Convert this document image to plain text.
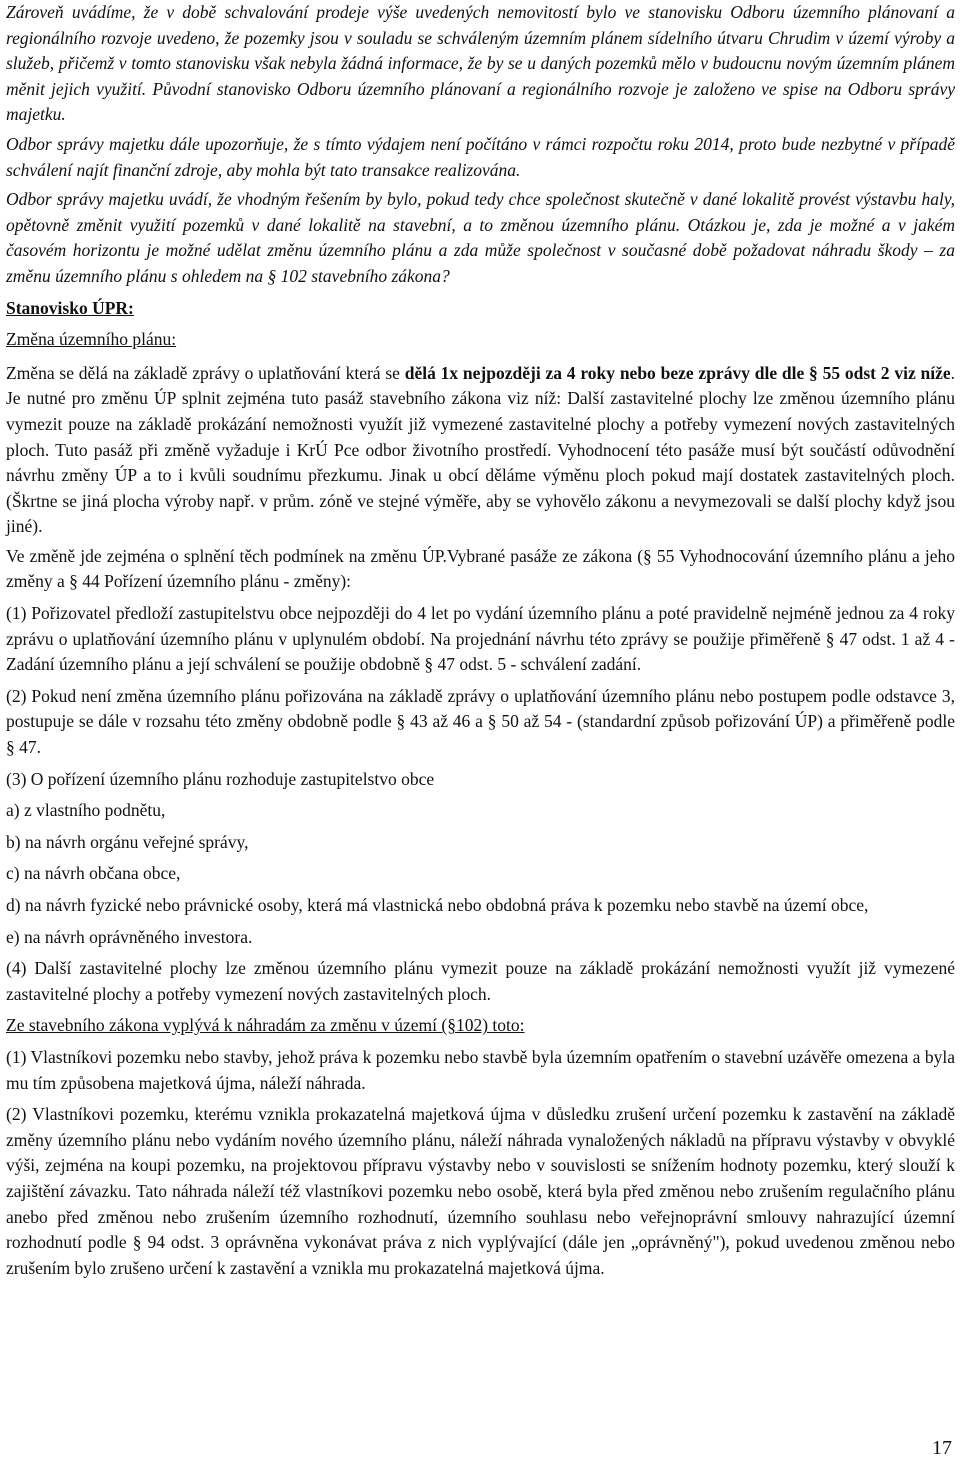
Zároveň uvádíme, že v době schvalování prodeje výše uvedených nemovitostí bylo ve stanovisku Odboru územního plánovaní a regionálního rozvoje uvedeno, že pozemky jsou v souladu se schváleným územním plánem sídelního útvaru Chrudim v území výroby a služeb, přičemž v tomto stanovisku však nebyla žádná informace, že by se u daných pozemků mělo v budoucnu novým územním plánem měnit jejich využití. Původní stanovisko Odboru územního plánovaní a regionálního rozvoje je založeno ve spise na Odboru správy majetku.

Odbor správy majetku dále upozorňuje, že s tímto výdajem není počítáno v rámci rozpočtu roku 2014, proto bude nezbytné v případě schválení najít finanční zdroje, aby mohla být tato transakce realizována.

Odbor správy majetku uvádí, že vhodným řešením by bylo, pokud tedy chce společnost skutečně v dané lokalitě provést výstavbu haly, opětovně změnit využití pozemků v dané lokalitě na stavební, a to změnou územního plánu. Otázkou je, zda je možné a v jakém časovém horizontu je možné udělat změnu územního plánu a zda může společnost v současné době požadovat náhradu škody – za změnu územního plánu s ohledem na § 102 stavebního zákona?

Stanovisko ÚPR:

Změna územního plánu:

Změna se dělá na základě zprávy o uplatňování která se dělá 1x nejpozději za 4 roky nebo beze zprávy dle dle § 55 odst 2 viz níže. Je nutné pro změnu ÚP splnit zejména tuto pasáž stavebního zákona viz níž: Další zastavitelné plochy lze změnou územního plánu vymezit pouze na základě prokázání nemožnosti využít již vymezené zastavitelné plochy a potřeby vymezení nových zastavitelných ploch. Tuto pasáž při změně vyžaduje i KrÚ Pce odbor životního prostředí. Vyhodnocení této pasáže musí být součástí odůvodnění návrhu změny ÚP a to i kvůli soudnímu přezkumu. Jinak u obcí děláme výměnu ploch pokud mají dostatek zastavitelných ploch. (Škrtne se jiná plocha výroby např. v prům. zóně ve stejné výměře, aby se vyhovělo zákonu a nevymezovali se další plochy když jsou jiné).

Ve změně jde zejména o splnění těch podmínek na změnu ÚP.Vybrané pasáže ze zákona (§ 55 Vyhodnocování územního plánu a jeho změny a § 44 Pořízení územního plánu - změny):

(1) Pořizovatel předloží zastupitelstvu obce nejpozději do 4 let po vydání územního plánu a poté pravidelně nejméně jednou za 4 roky zprávu o uplatňování územního plánu v uplynulém období. Na projednání návrhu této zprávy se použije přiměřeně § 47 odst. 1 až 4 - Zadání územního plánu a její schválení se použije obdobně § 47 odst. 5 - schválení zadání.

(2) Pokud není změna územního plánu pořizována na základě zprávy o uplatňování územního plánu nebo postupem podle odstavce 3, postupuje se dále v rozsahu této změny obdobně podle § 43 až 46 a § 50 až 54 - (standardní způsob pořizování ÚP) a přiměřeně podle § 47.

(3) O pořízení územního plánu rozhoduje zastupitelstvo obce

a) z vlastního podnětu,

b) na návrh orgánu veřejné správy,

c) na návrh občana obce,

d) na návrh fyzické nebo právnické osoby, která má vlastnická nebo obdobná práva k pozemku nebo stavbě na území obce,

e) na návrh oprávněného investora.

(4) Další zastavitelné plochy lze změnou územního plánu vymezit pouze na základě prokázání nemožnosti využít již vymezené zastavitelné plochy a potřeby vymezení nových zastavitelných ploch.

Ze stavebního zákona vyplývá k náhradám za změnu v území (§102) toto:

(1) Vlastníkovi pozemku nebo stavby, jehož práva k pozemku nebo stavbě byla územním opatřením o stavební uzávěře omezena a byla mu tím způsobena majetková újma, náleží náhrada.

(2) Vlastníkovi pozemku, kterému vznikla prokazatelná majetková újma v důsledku zrušení určení pozemku k zastavění na základě změny územního plánu nebo vydáním nového územního plánu, náleží náhrada vynaložených nákladů na přípravu výstavby v obvyklé výši, zejména na koupi pozemku, na projektovou přípravu výstavby nebo v souvislosti se snížením hodnoty pozemku, který slouží k zajištění závazku. Tato náhrada náleží též vlastníkovi pozemku nebo osobě, která byla před změnou nebo zrušením regulačního plánu anebo před změnou nebo zrušením územního rozhodnutí, územního souhlasu nebo veřejnoprávní smlouvy nahrazující územní rozhodnutí podle § 94 odst. 3 oprávněna vykonávat práva z nich vyplývající (dále jen „oprávněný"), pokud uvedenou změnou nebo zrušením bylo zrušeno určení k zastavění a vznikla mu prokazatelná majetková újma.

17
